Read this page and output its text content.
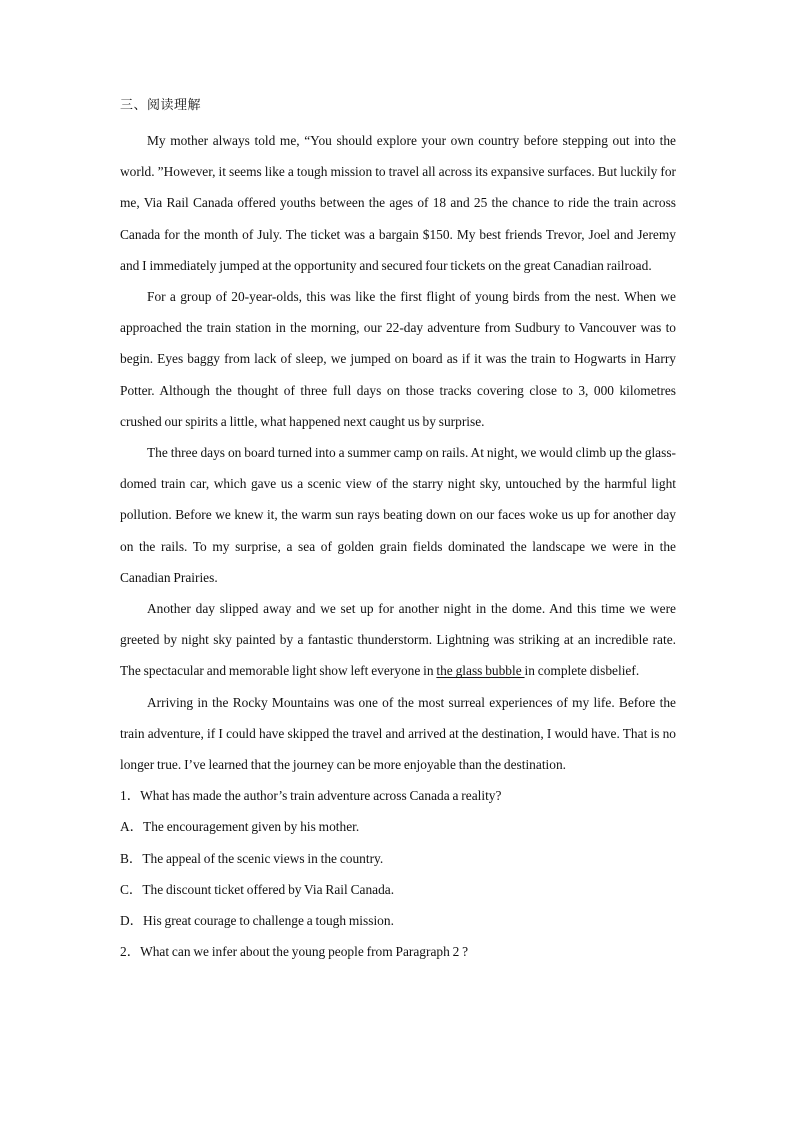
三、阅读理解

My mother always told me, “You should explore your own country before stepping out into the world. ”However, it seems like a tough mission to travel all across its expansive surfaces. But luckily for me, Via Rail Canada offered youths between the ages of 18 and 25 the chance to ride the train across Canada for the month of July. The ticket was a bargain $150. My best friends Trevor, Joel and Jeremy and I immediately jumped at the opportunity and secured four tickets on the great Canadian railroad.

For a group of 20-year-olds, this was like the first flight of young birds from the nest. When we approached the train station in the morning, our 22-day adventure from Sudbury to Vancouver was to begin. Eyes baggy from lack of sleep, we jumped on board as if it was the train to Hogwarts in Harry Potter. Although the thought of three full days on those tracks covering close to 3, 000 kilometres crushed our spirits a little, what happened next caught us by surprise.

The three days on board turned into a summer camp on rails. At night, we would climb up the glass-domed train car, which gave us a scenic view of the starry night sky, untouched by the harmful light pollution. Before we knew it, the warm sun rays beating down on our faces woke us up for another day on the rails. To my surprise, a sea of golden grain fields dominated the landscape we were in the Canadian Prairies.

Another day slipped away and we set up for another night in the dome. And this time we were greeted by night sky painted by a fantastic thunderstorm. Lightning was striking at an incredible rate. The spectacular and memorable light show left everyone in the glass bubble in complete disbelief.

Arriving in the Rocky Mountains was one of the most surreal experiences of my life. Before the train adventure, if I could have skipped the travel and arrived at the destination, I would have. That is no longer true. I’ve learned that the journey can be more enjoyable than the destination.

1．What has made the author’s train adventure across Canada a reality?
A．The encouragement given by his mother.
B．The appeal of the scenic views in the country.
C．The discount ticket offered by Via Rail Canada.
D．His great courage to challenge a tough mission.
2．What can we infer about the young people from Paragraph 2 ?
